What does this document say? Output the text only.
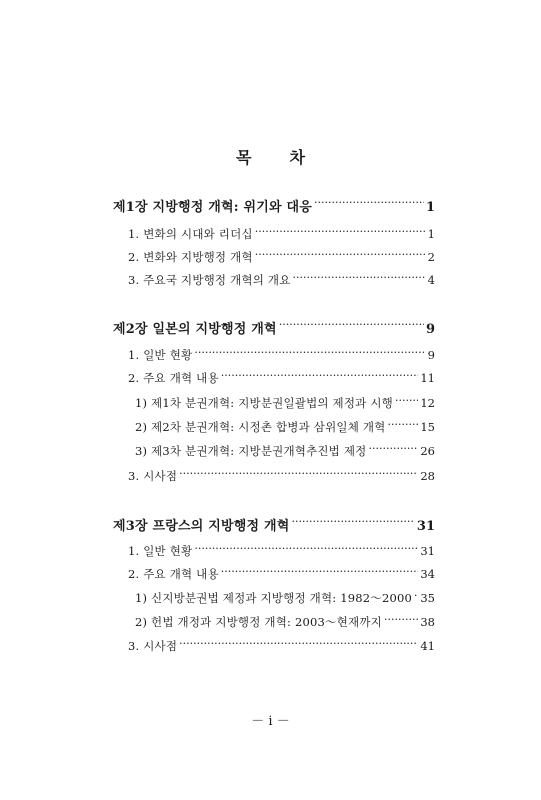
목 차
제1장 지방행정 개혁: 위기와 대응 ·····	1
1. 변화의 시대와 리더십 ·····	1
2. 변화와 지방행정 개혁 ·····	2
3. 주요국 지방행정 개혁의 개요 ·····	4
제2장 일본의 지방행정 개혁 ·····	9
1. 일반 현황 ·····	9
2. 주요 개혁 내용 ·····	11
1) 제1차 분권개혁: 지방분권일괄법의 제정과 시행 ····· 12
2) 제2차 분권개혁: 시정촌 합병과 삼위일체 개혁 ·····	15
3) 제3차 분권개혁: 지방분권개혁추진법 제정 ·····	26
3. 시사점 ·····	28
제3장 프랑스의 지방행정 개혁 ·····	31
1. 일반 현황 ·····	31
2. 주요 개혁 내용 ·····	34
1) 신지방분권법 제정과 지방행정 개혁: 1982～2000 ····· 35
2) 헌법 개정과 지방행정 개혁: 2003～현재까지 ·····	38
3. 시사점 ·····	41
－ i －
